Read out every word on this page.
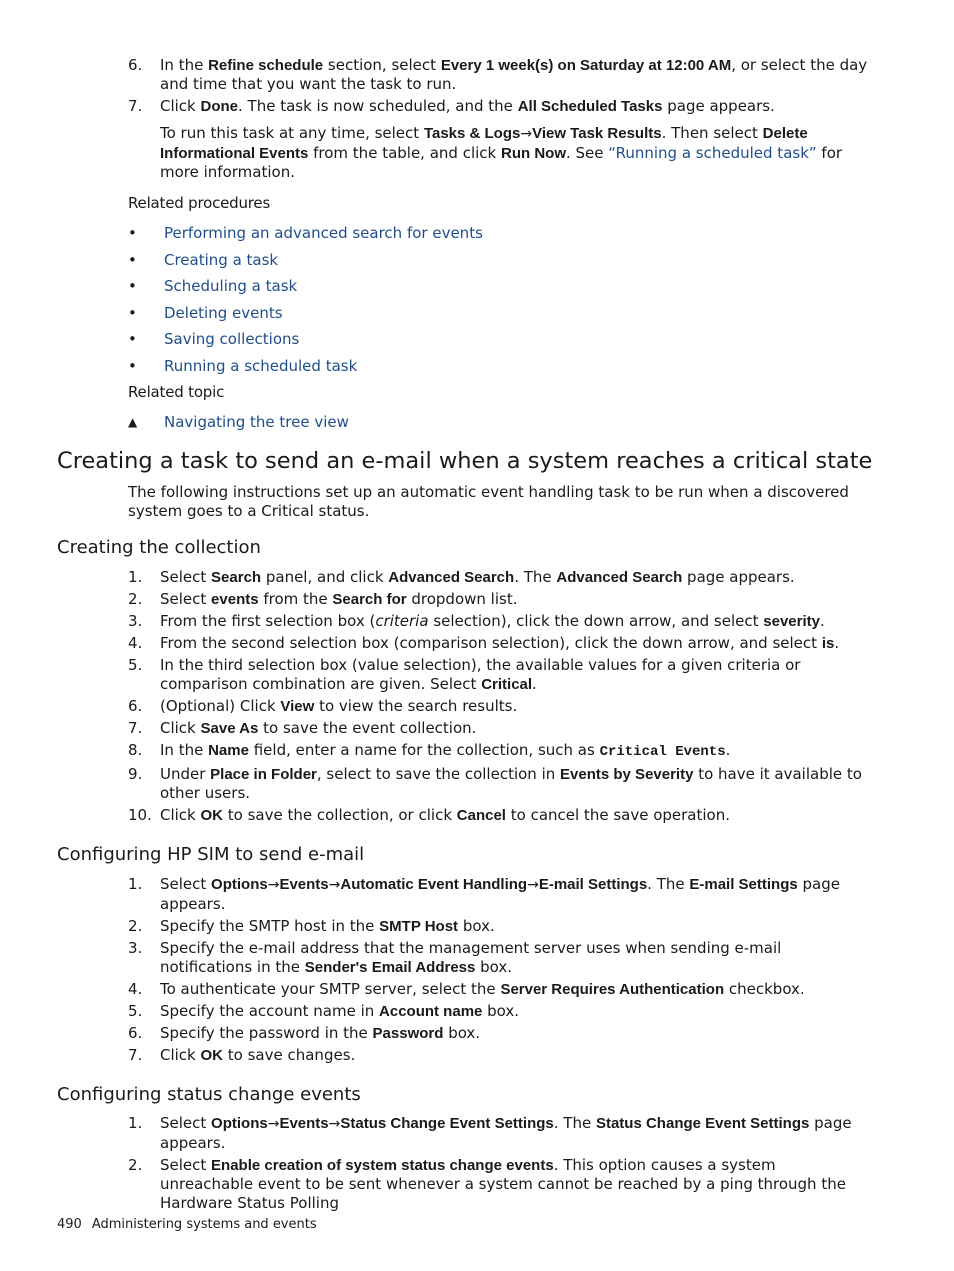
6.	In the Refine schedule section, select Every 1 week(s) on Saturday at 12:00 AM, or select the day and time that you want the task to run.
7.	Click Done. The task is now scheduled, and the All Scheduled Tasks page appears.

To run this task at any time, select Tasks & Logs→View Task Results. Then select Delete Informational Events from the table, and click Run Now. See “Running a scheduled task” for more information.

Related procedures

• Performing an advanced search for events
• Creating a task
• Scheduling a task
• Deleting events
• Saving collections
• Running a scheduled task

Related topic

▲ Navigating the tree view
Creating a task to send an e-mail when a system reaches a critical state

The following instructions set up an automatic event handling task to be run when a discovered system goes to a Critical status.

Creating the collection
1.	Select Search panel, and click Advanced Search. The Advanced Search page appears.
2.	Select events from the Search for dropdown list.
3.	From the first selection box (criteria selection), click the down arrow, and select severity.
4.	From the second selection box (comparison selection), click the down arrow, and select is.
5.	In the third selection box (value selection), the available values for a given criteria or comparison combination are given. Select Critical.
6.	(Optional) Click View to view the search results.
7.	Click Save As to save the event collection.
8.	In the Name field, enter a name for the collection, such as Critical Events.
9.	Under Place in Folder, select to save the collection in Events by Severity to have it available to other users.
10. Click OK to save the collection, or click Cancel to cancel the save operation.
Configuring HP SIM to send e-mail
1.	Select Options→Events→Automatic Event Handling→E-mail Settings. The E-mail Settings page appears.
2.	Specify the SMTP host in the SMTP Host box.
3.	Specify the e-mail address that the management server uses when sending e-mail notifications in the Sender's Email Address box.
4.	To authenticate your SMTP server, select the Server Requires Authentication checkbox.
5.	Specify the account name in Account name box.
6.	Specify the password in the Password box.
7.	Click OK to save changes.
Configuring status change events
1.	Select Options→Events→Status Change Event Settings. The Status Change Event Settings page appears.
2.	Select Enable creation of system status change events. This option causes a system unreachable event to be sent whenever a system cannot be reached by a ping through the Hardware Status Polling
490 Administering systems and events
